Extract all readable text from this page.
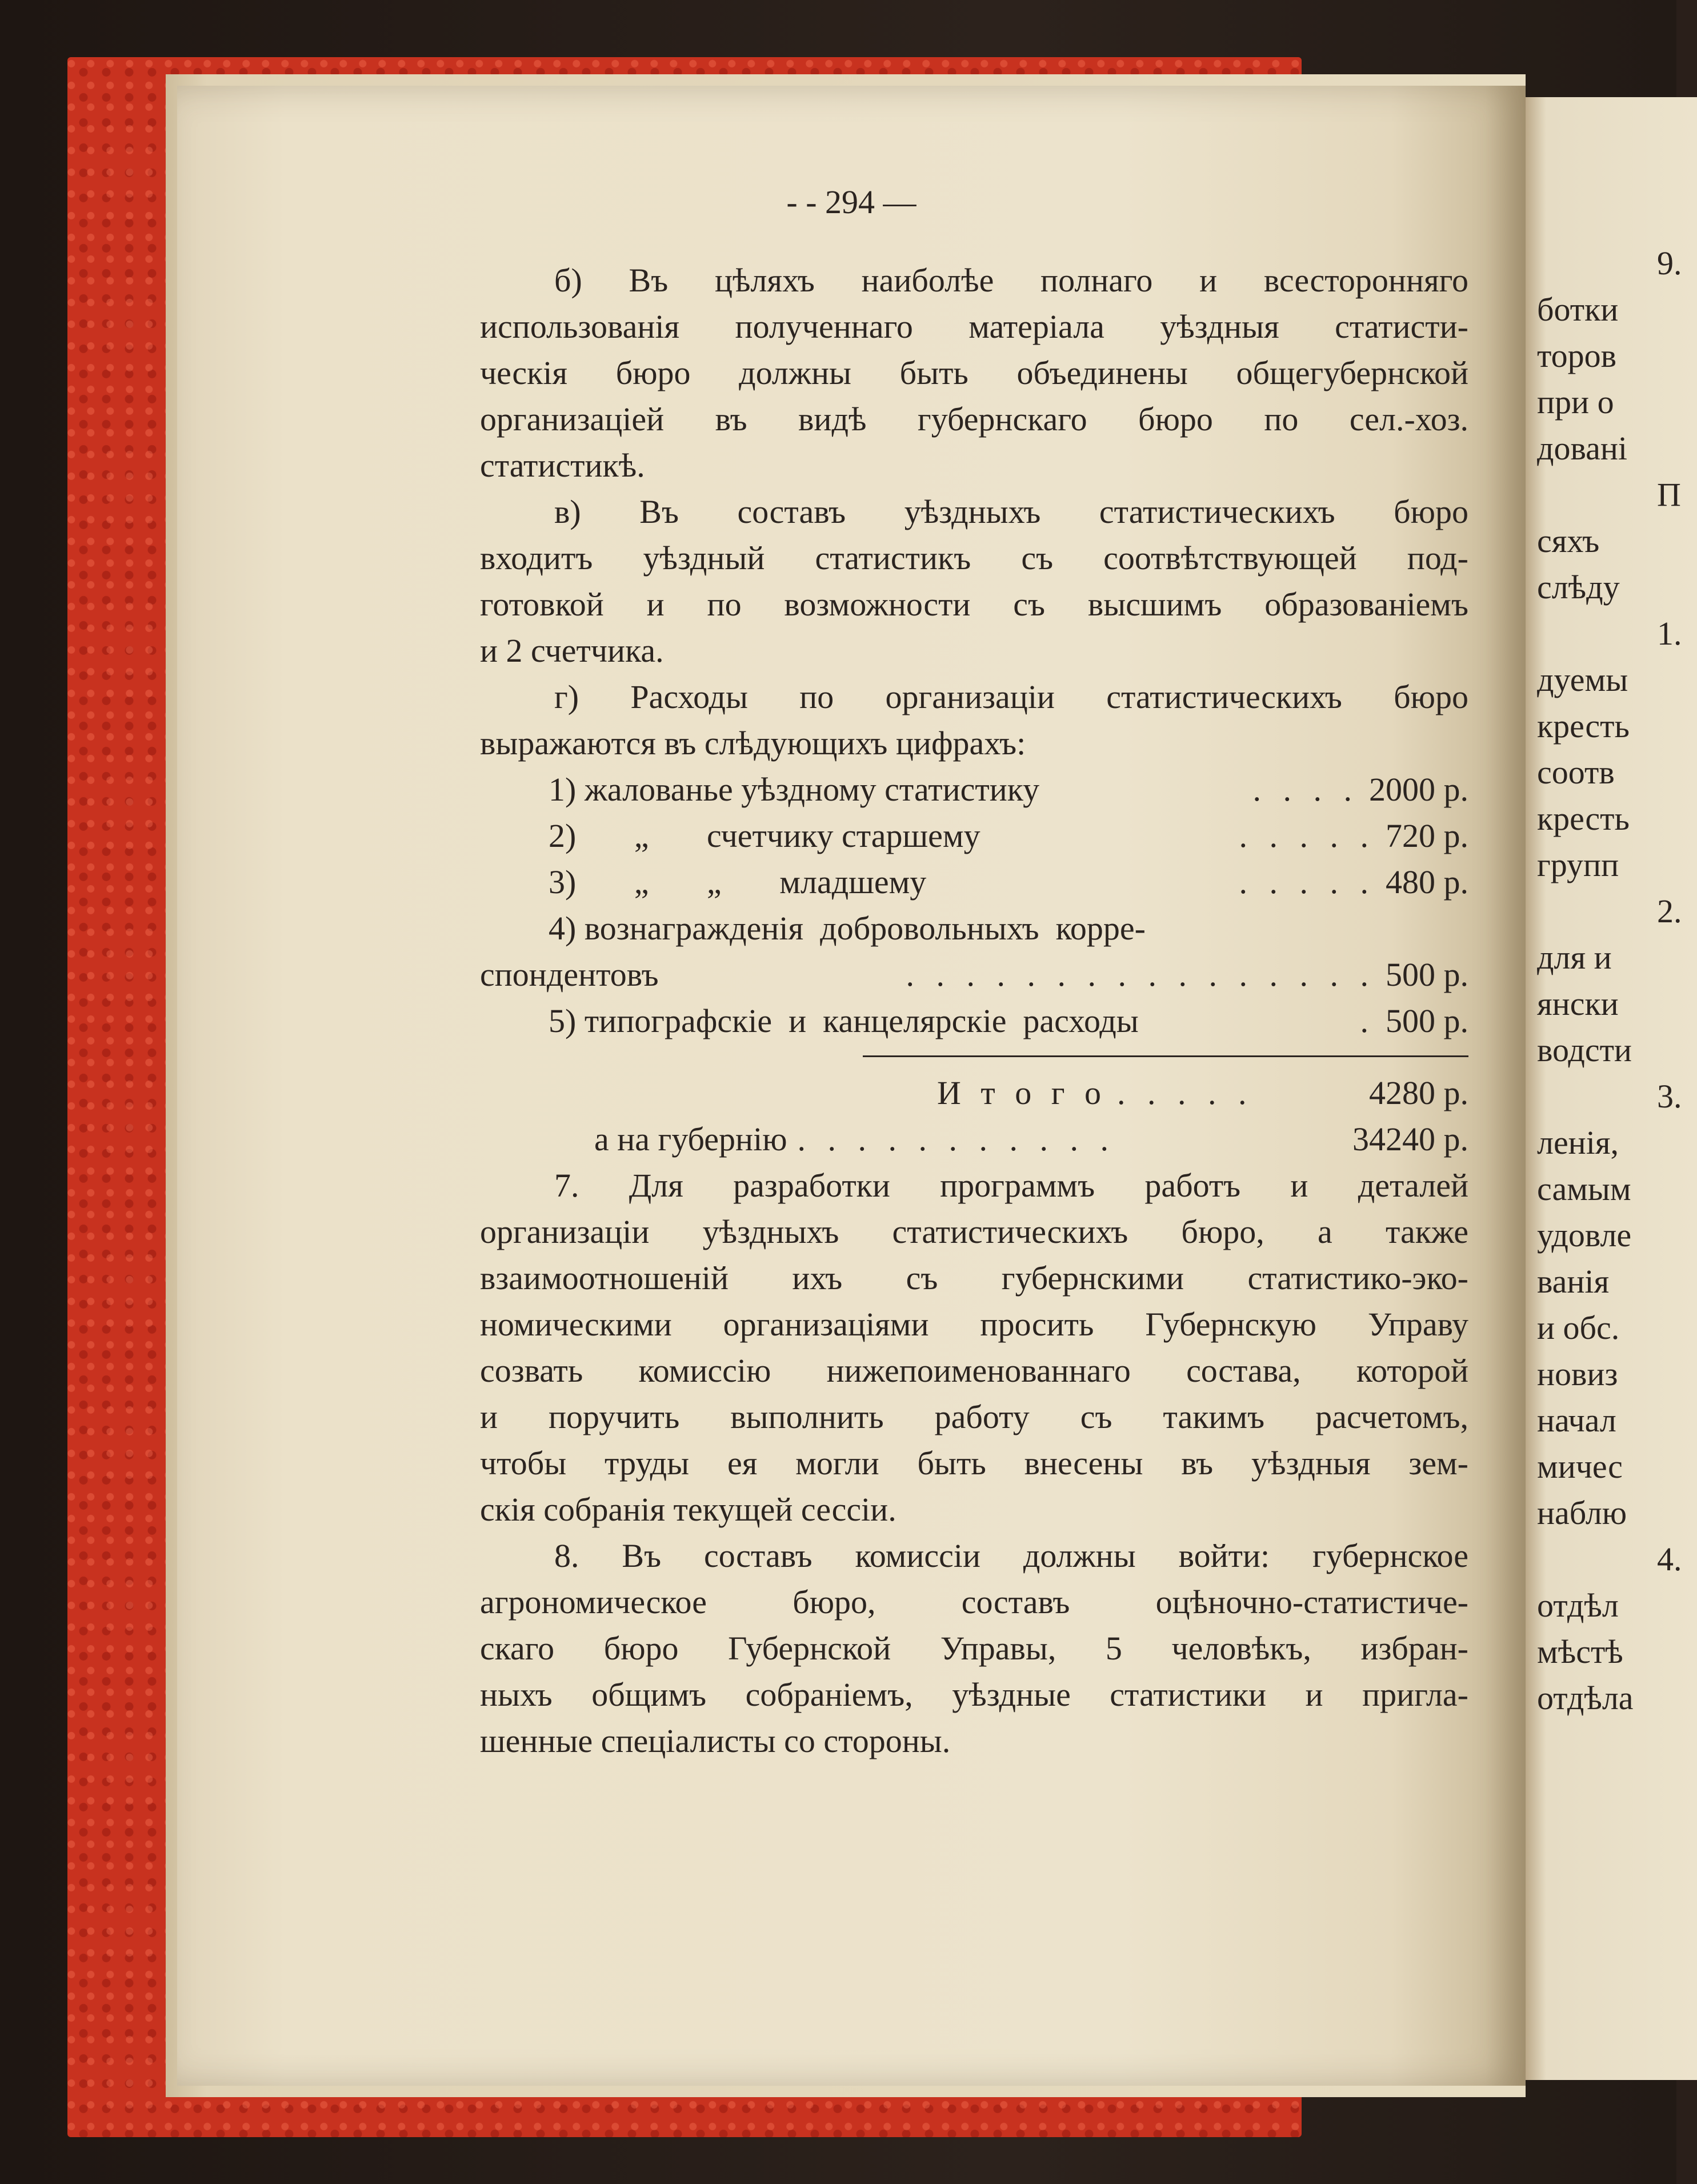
- - 294 —
б) Въ цѣляхъ наиболѣе полнаго и всесторонняго
использованія полученнаго матеріала уѣздныя статисти-
ческія бюро должны быть объединены общегубернской
организаціей въ видѣ губернскаго бюро по сел.-хоз.
статистикѣ.
в) Въ составъ уѣздныхъ статистическихъ бюро
входитъ уѣздный статистикъ съ соотвѣтствующей под-
готовкой и по возможности съ высшимъ образованіемъ
и 2 счетчика.
г) Расходы по организаціи статистическихъ бюро
выражаются въ слѣдующихъ цифрахъ:
1) жалованье уѣздному статистику	. . . . 2000 р.
2)       „       счетчику старшему	. . . . . 720 р.
3)       „       „       младшему	. . . . . 480 р.
4) вознагражденія  добровольныхъ  корре-
спондентовъ	. . . . . . . . . . . . . . . . 500 р.
5) типографскіе  и  канцелярскіе  расходы	. 500 р.
И т о г о . . . . .	4280 р.
а на губернію . . . . . . . . . . .	34240 р.
7. Для разработки программъ работъ и деталей
организаціи уѣздныхъ статистическихъ бюро, а также
взаимоотношеній ихъ съ губернскими статистико-эко-
номическими организаціями просить Губернскую Управу
созвать комиссію нижепоименованнаго состава, которой
и поручить выполнить работу съ такимъ расчетомъ,
чтобы труды ея могли быть внесены въ уѣздныя зем-
скія собранія текущей сессіи.
8. Въ составъ комиссіи должны войти: губернское
агрономическое бюро, составъ оцѣночно-статистиче-
скаго бюро Губернской Управы, 5 человѣкъ, избран-
ныхъ общимъ собраніемъ, уѣздные статистики и пригла-
шенные спеціалисты со стороны.
9.
ботки
торов
при о
довані
П
сяхъ
слѣду
1.
дуемы
кресть
соотв
кресть
групп
2.
для и
янски
водсти
3.
ленія,
самым
удовле
ванія
и обс.
новиз
начал
мичес
наблю
4.
отдѣл
мѣстѣ
отдѣла
